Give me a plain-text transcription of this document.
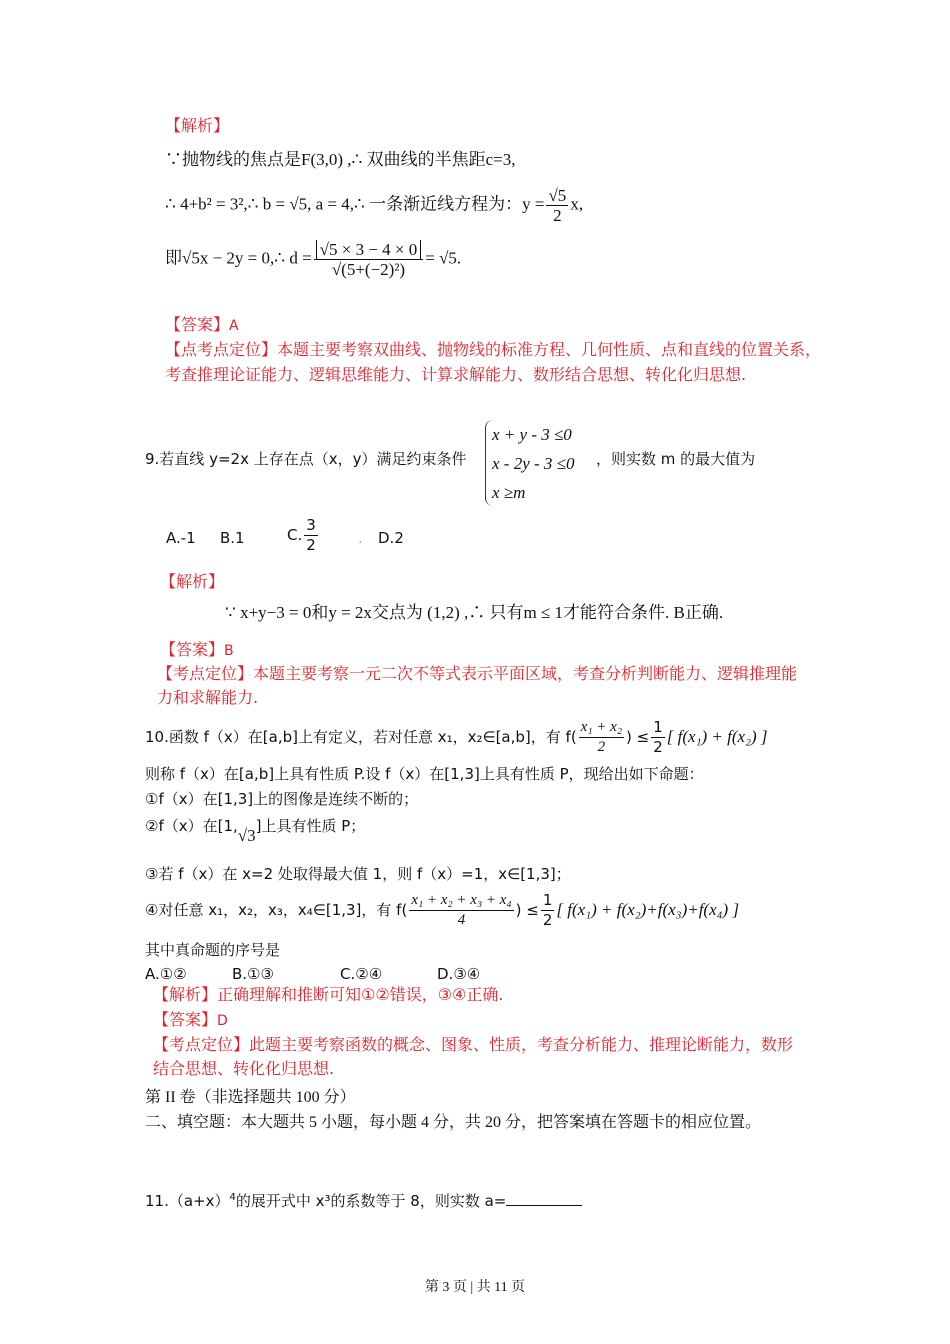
【解析】
∵抛物线的焦点是F(3,0) ,∴ 双曲线的半焦距c=3,
∴ 4+b² = 3²,∴ b = √5, a = 4,∴ 一条渐近线方程为：$y = \frac{√5}{2} x$,
即√5x − 2y = 0,∴ $d = \frac{√5 \times 3 - 4 \times 0}{\text{√(5+(−2)²)}} = √5$.
【答案】A
【点考点定位】本题主要考察双曲线、抛物线的标准方程、几何性质、点和直线的位置关系，
考查推理论证能力、逻辑思维能力、计算求解能力、数形结合思想、转化化归思想.
9.若直线 y=2x 上存在点（x，y）满足约束条件
x + y - 3 ≤0
x - 2y - 3 ≤0
x ≥m
，则实数 m 的最大值为
A.-1 B.1	C. $\frac{3}{2}$	. D.2
【解析】
∵ x+y−3 = 0和y = 2x交点为 (1,2) ,∴ 只有m ≤ 1才能符合条件. B正确.
【答案】B
【考点定位】本题主要考察一元二次不等式表示平面区域，考查分析判断能力、逻辑推理能
力和求解能力.
10.函数 f（x）在[a,b]上有定义，若对任意 x₁，x₂∈[a,b]，有 $f( \frac{\text{x₁ + x₂}}{2}$ ) ≤ $\frac{1}{2}$ [ f(x₁) + f(x₂) ]
则称 f（x）在[a,b]上具有性质 P.设 f（x）在[1,3]上具有性质 P，现给出如下命题：
①f（x）在[1,3]上的图像是连续不断的；
②f（x）在[1,√3]上具有性质 P；
③若 f（x）在 x=2 处取得最大值 1，则 f（x）=1，x∈[1,3]；
④对任意 x₁，x₂，x₃，x₄∈[1,3]，有 $f( \frac{\text{x₁ + x₂ + x₃ + x₄}}{4}$ ) ≤ $\frac{1}{2}$ [ f(x₁) + f(x₂)+f(x₃)+f(x₄) ]
其中真命题的序号是
A.①②	B.①③	C.②④	D.③④
【解析】正确理解和推断可知①②错误，③④正确.
【答案】D
【考点定位】此题主要考察函数的概念、图象、性质，考查分析能力、推理论断能力，数形
结合思想、转化化归思想.
第 II 卷（非选择题共 100 分）
二、填空题：本大题共 5 小题，每小题 4 分，共 20 分，把答案填在答题卡的相应位置。
$11.(a+x)^4$的展开式中 x³的系数等于 8，则实数 a=
第 3 页 | 共 11 页
